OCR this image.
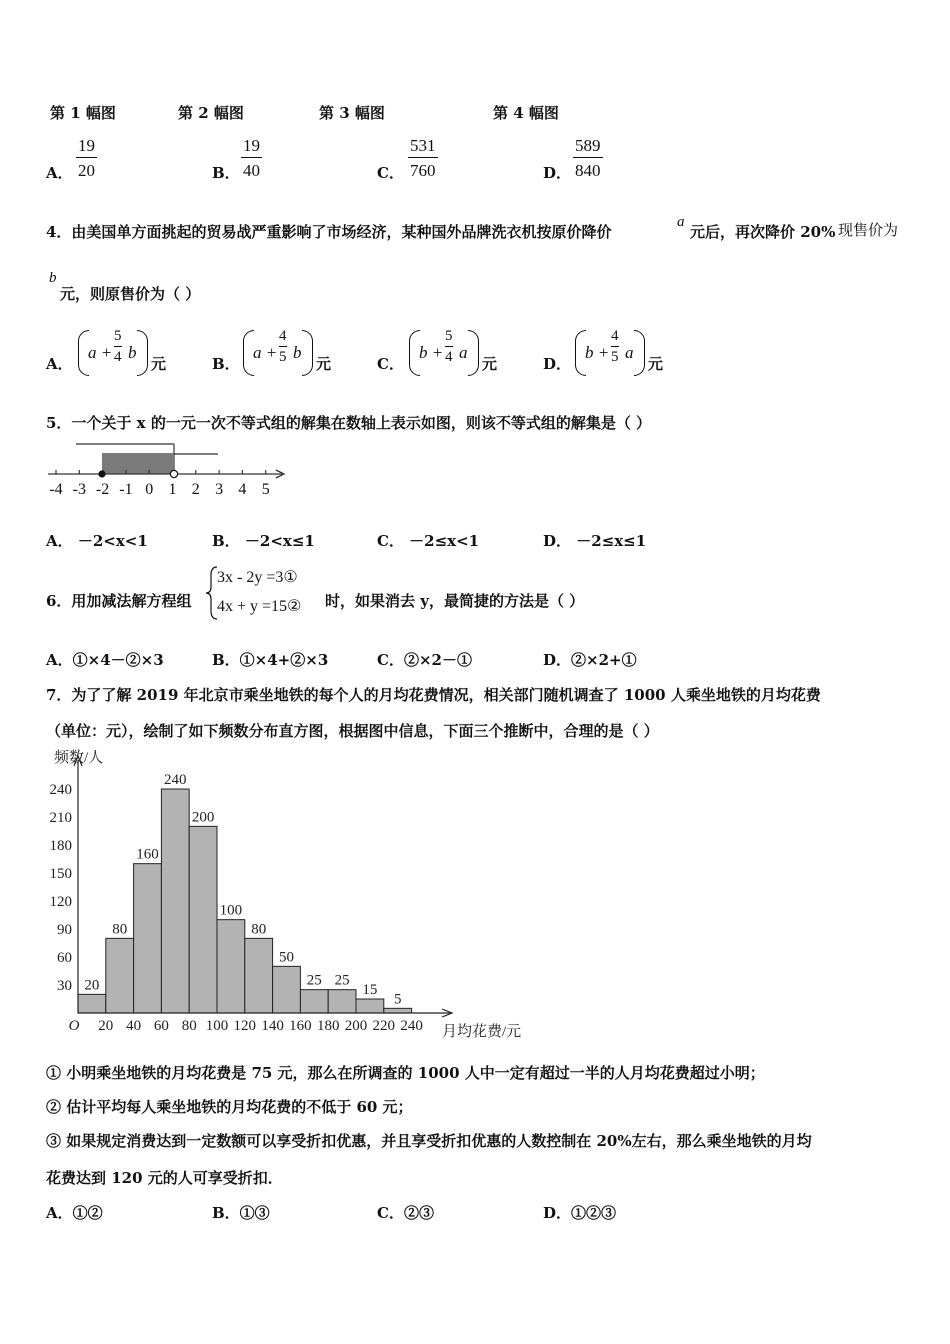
第 1 幅图	第 2 幅图	第 3 幅图	第 4 幅图
A． $\frac{19}{20}$	B． $\frac{19}{40}$	C． $\frac{531}{760}$	D． $\frac{589}{840}$
4．由美国单方面挑起的贸易战严重影响了市场经济，某种国外品牌洗衣机按原价降价
a
元后，再次降价 20% 现售价为
b
元，则原售价为（ ）
A．
$a + \frac{5}{4}$ b
元	B．
$a + \frac{4}{5}$ b
元	C．
$b + \frac{5}{4}$ a
元	D．
$b + \frac{4}{5}$ a
元
5．一个关于 x 的一元一次不等式组的解集在数轴上表示如图，则该不等式组的解集是（ ）
-4 -3 -2 -1 0 1 2 3 4 5
A． －2<x<1	B． －2<x≤1	C． －2≤x<1	D． －2≤x≤1
6．用加减法解方程组
3x - 2y =3①
4x + y =15② 时，如果消去 y，最简捷的方法是（ ）
A．①×4－②×3	B．①×4+②×3	C．②×2－①	D．②×2+①
7．为了了解 2019 年北京市乘坐地铁的每个人的月均花费情况，相关部门随机调查了 1000 人乘坐地铁的月均花费
（单位：元），绘制了如下频数分布直方图，根据图中信息，下面三个推断中，合理的是（ ）
频数/人
月均花费/元
30
60
90
120
150
180
210
240
O 20 40 60 80 100 120 140 160 180 200 220 240
20
80
160
240
200
100
80
50
25 25
15
5
① 小明乘坐地铁的月均花费是 75 元，那么在所调查的 1000 人中一定有超过一半的人月均花费超过小明；
② 估计平均每人乘坐地铁的月均花费的不低于 60 元；
③ 如果规定消费达到一定数额可以享受折扣优惠，并且享受折扣优惠的人数控制在 20%左右，那么乘坐地铁的月均
花费达到 120 元的人可享受折扣．
A．①②	B．①③	C．②③	D．①②③
